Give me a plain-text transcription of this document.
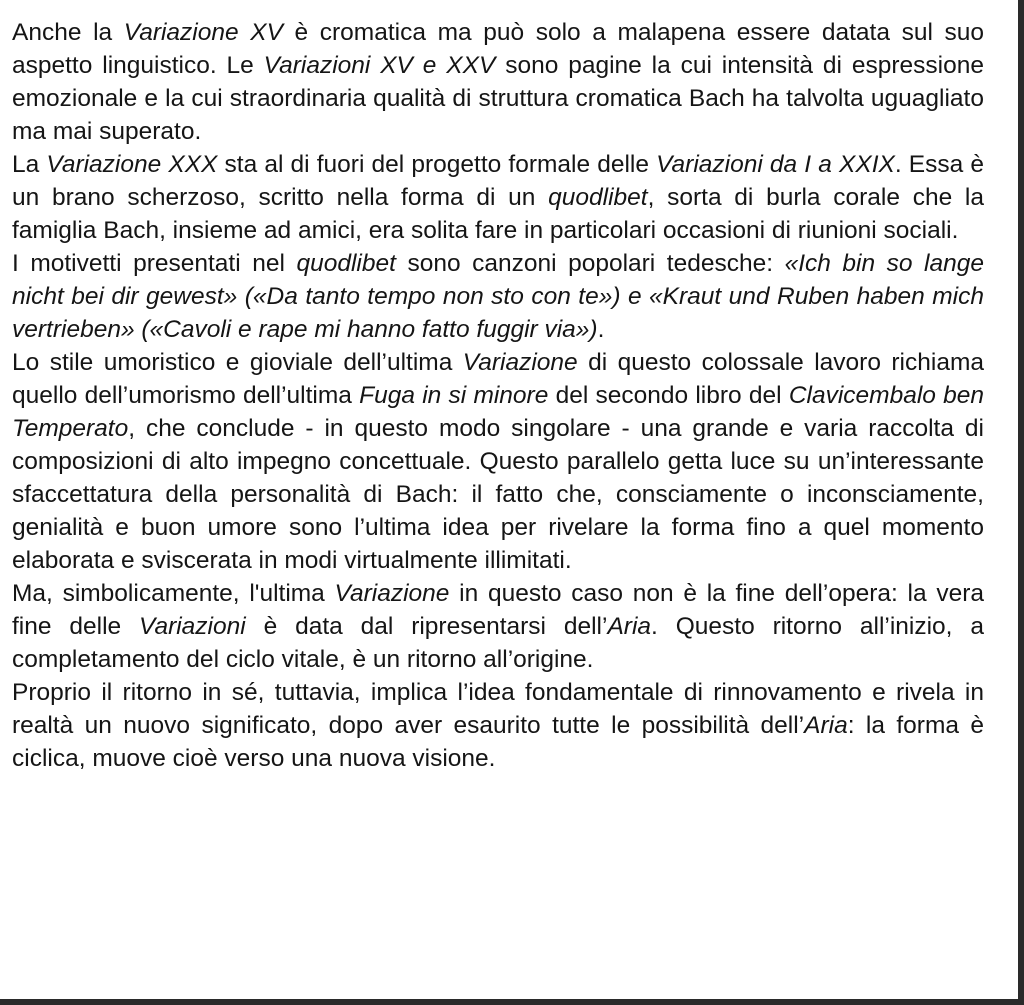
Anche la Variazione XV è cromatica ma può solo a malapena essere datata sul suo aspetto linguistico. Le Variazioni XV e XXV sono pagine la cui intensità di espressione emozionale e la cui straordinaria qualità di struttura cromatica Bach ha talvolta uguagliato ma mai superato.

La Variazione XXX sta al di fuori del progetto formale delle Variazioni da I a XXIX. Essa è un brano scherzoso, scritto nella forma di un quodlibet, sorta di burla corale che la famiglia Bach, insieme ad amici, era solita fare in particolari occasioni di riunioni sociali.

I motivetti presentati nel quodlibet sono canzoni popolari tedesche: «Ich bin so lange nicht bei dir gewest» («Da tanto tempo non sto con te») e «Kraut und Ruben haben mich vertrieben» («Cavoli e rape mi hanno fatto fuggir via»).

Lo stile umoristico e gioviale dell’ultima Variazione di questo colossale lavoro richiama quello dell’umorismo dell’ultima Fuga in si minore del secondo libro del Clavicembalo ben Temperato, che conclude - in questo modo singolare - una grande e varia raccolta di composizioni di alto impegno concettuale. Questo parallelo getta luce su un’interessante sfaccettatura della personalità di Bach: il fatto che, consciamente o inconsciamente, genialità e buon umore sono l’ultima idea per rivelare la forma fino a quel momento elaborata e sviscerata in modi virtualmente illimitati.

Ma, simbolicamente, l'ultima Variazione in questo caso non è la fine dell’opera: la vera fine delle Variazioni è data dal ripresentarsi dell’Aria. Questo ritorno all’inizio, a completamento del ciclo vitale, è un ritorno all’origine.

Proprio il ritorno in sé, tuttavia, implica l’idea fondamentale di rinnovamento e rivela in realtà un nuovo significato, dopo aver esaurito tutte le possibilità dell’Aria: la forma è ciclica, muove cioè verso una nuova visione.
